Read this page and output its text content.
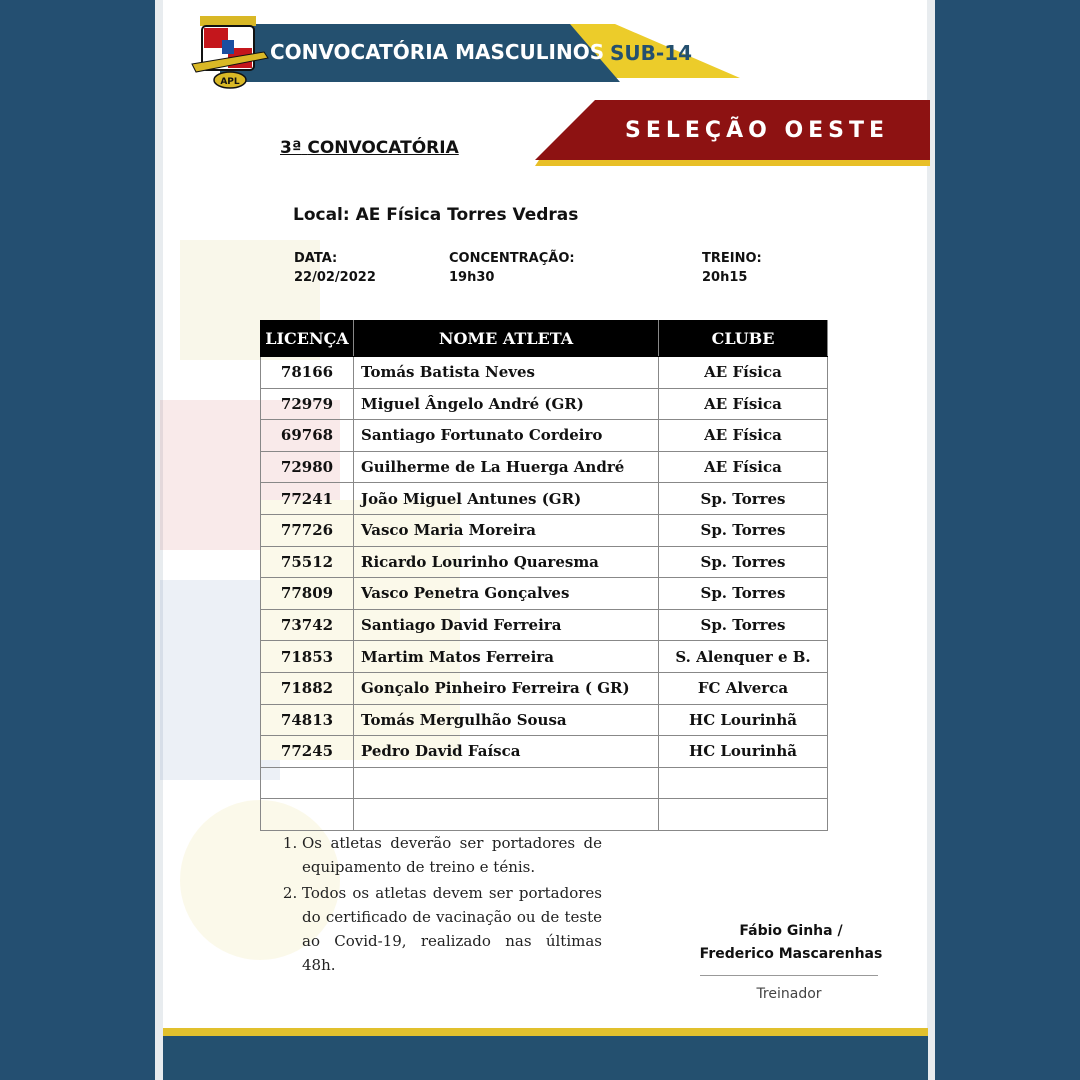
CONVOCATÓRIA MASCULINOS SUB-14
APL
SELEÇÃO OESTE
3ª CONVOCATÓRIA
Local: AE Física Torres Vedras
DATA:
22/02/2022
CONCENTRAÇÃO:
19h30
TREINO:
20h15
LICENÇA	NOME ATLETA	CLUBE
78166	Tomás Batista Neves	AE Física
72979	Miguel Ângelo André (GR)	AE Física
69768	Santiago Fortunato Cordeiro	AE Física
72980	Guilherme de La Huerga André	AE Física
77241	João Miguel Antunes (GR)	Sp. Torres
77726	Vasco Maria Moreira	Sp. Torres
75512	Ricardo Lourinho Quaresma	Sp. Torres
77809	Vasco Penetra Gonçalves	Sp. Torres
73742	Santiago David Ferreira	Sp. Torres
71853	Martim Matos Ferreira	S. Alenquer e B.
71882	Gonçalo Pinheiro Ferreira ( GR)	FC Alverca
74813	Tomás Mergulhão Sousa	HC Lourinhã
77245	Pedro David Faísca	HC Lourinhã

1. Os atletas deverão ser portadores de equipamento de treino e ténis.
2. Todos os atletas devem ser portadores do certificado de vacinação ou de teste ao Covid-19, realizado nas últimas 48h.
Fábio Ginha /
Frederico Mascarenhas
Treinador
